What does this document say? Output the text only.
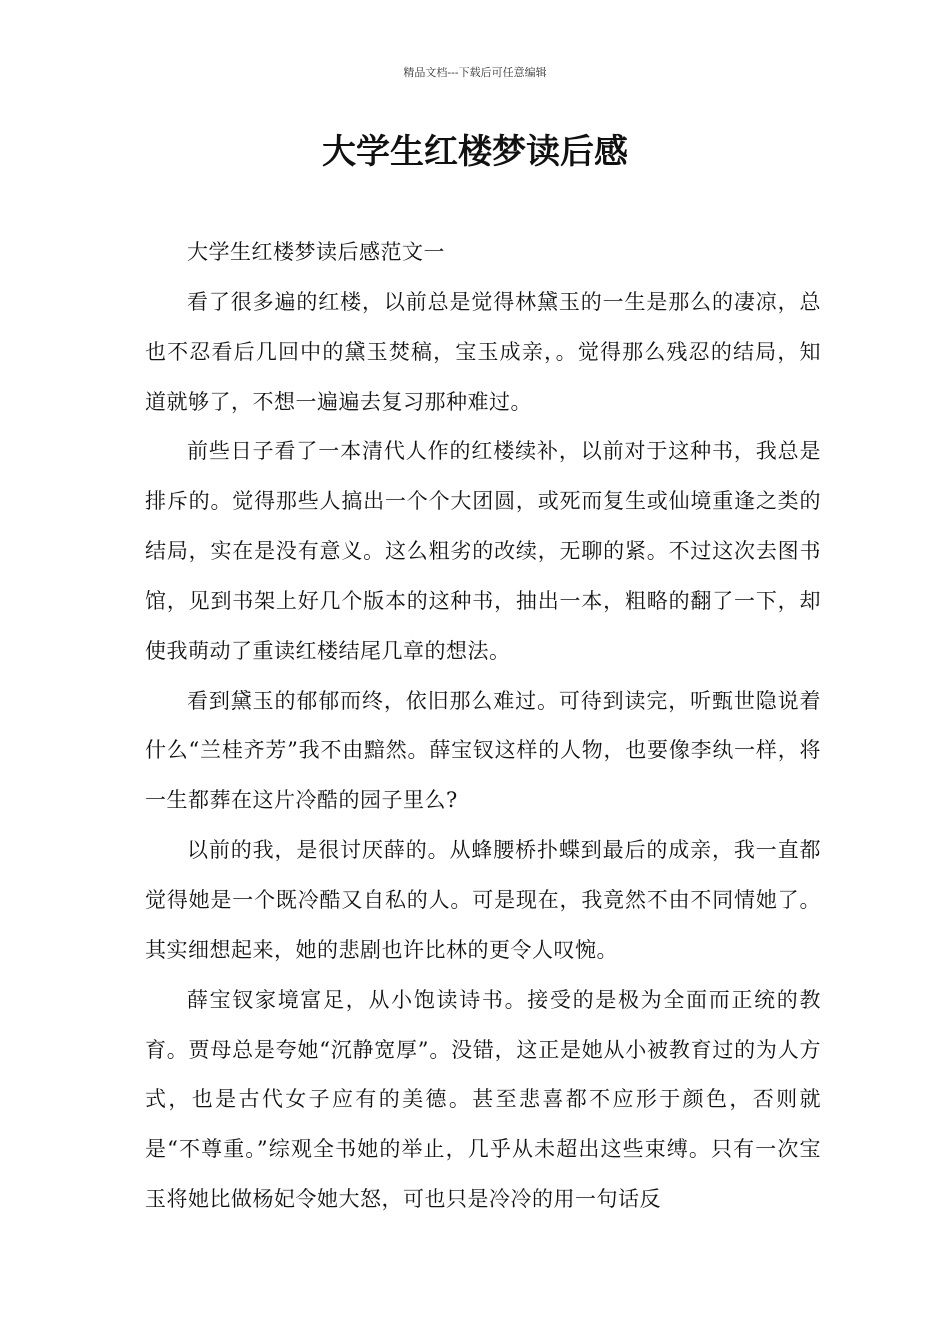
精品文档---下载后可任意编辑
大学生红楼梦读后感

大学生红楼梦读后感范文一

看了很多遍的红楼，以前总是觉得林黛玉的一生是那么的凄凉，总也不忍看后几回中的黛玉焚稿，宝玉成亲，。觉得那么残忍的结局，知道就够了，不想一遍遍去复习那种难过。

前些日子看了一本清代人作的红楼续补，以前对于这种书，我总是排斥的。觉得那些人搞出一个个大团圆，或死而复生或仙境重逢之类的结局，实在是没有意义。这么粗劣的改续，无聊的紧。不过这次去图书馆，见到书架上好几个版本的这种书，抽出一本，粗略的翻了一下，却使我萌动了重读红楼结尾几章的想法。

看到黛玉的郁郁而终，依旧那么难过。可待到读完，听甄世隐说着什么“兰桂齐芳”我不由黯然。薛宝钗这样的人物，也要像李纨一样，将一生都葬在这片冷酷的园子里么?

以前的我，是很讨厌薛的。从蜂腰桥扑蝶到最后的成亲，我一直都觉得她是一个既冷酷又自私的人。可是现在，我竟然不由不同情她了。其实细想起来，她的悲剧也许比林的更令人叹惋。

薛宝钗家境富足，从小饱读诗书。接受的是极为全面而正统的教育。贾母总是夸她“沉静宽厚”。没错，这正是她从小被教育过的为人方式，也是古代女子应有的美德。甚至悲喜都不应形于颜色，否则就是“不尊重。”综观全书她的举止，几乎从未超出这些束缚。只有一次宝玉将她比做杨妃令她大怒，可也只是冷冷的用一句话反
